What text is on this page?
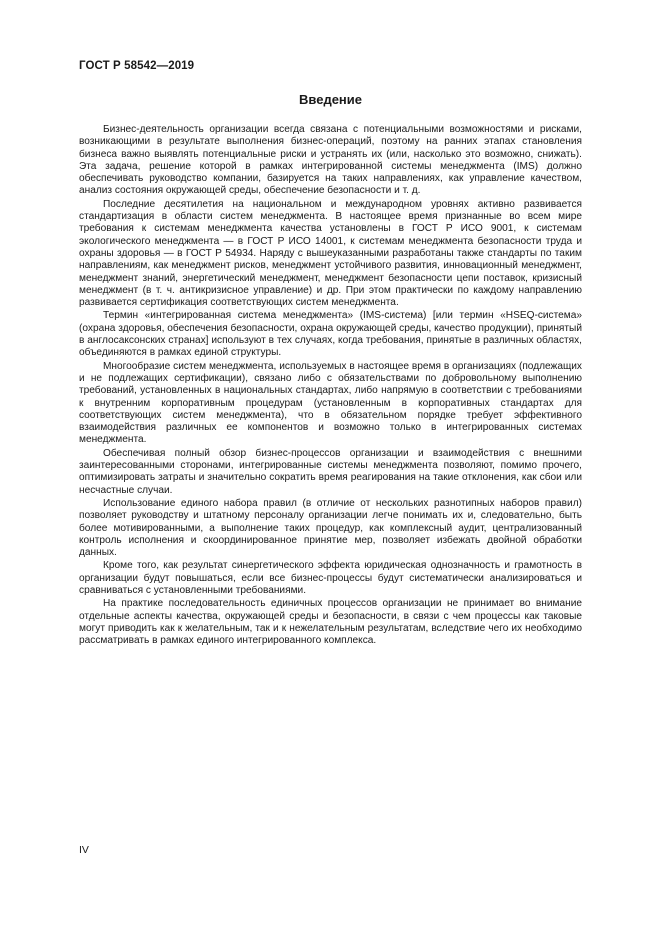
ГОСТ Р 58542—2019
Введение

Бизнес-деятельность организации всегда связана с потенциальными возможностями и рисками, возникающими в результате выполнения бизнес-операций, поэтому на ранних этапах становления бизнеса важно выявлять потенциальные риски и устранять их (или, насколько это возможно, снижать). Эта задача, решение которой в рамках интегрированной системы менеджмента (IMS) должно обеспечивать руководство компании, базируется на таких направлениях, как управление качеством, анализ состояния окружающей среды, обеспечение безопасности и т. д.

Последние десятилетия на национальном и международном уровнях активно развивается стандартизация в области систем менеджмента. В настоящее время признанные во всем мире требования к системам менеджмента качества установлены в ГОСТ Р ИСО 9001, к системам экологического менеджмента — в ГОСТ Р ИСО 14001, к системам менеджмента безопасности труда и охраны здоровья — в ГОСТ Р 54934. Наряду с вышеуказанными разработаны также стандарты по таким направлениям, как менеджмент рисков, менеджмент устойчивого развития, инновационный менеджмент, менеджмент знаний, энергетический менеджмент, менеджмент безопасности цепи поставок, кризисный менеджмент (в т. ч. антикризисное управление) и др. При этом практически по каждому направлению развивается сертификация соответствующих систем менеджмента.

Термин «интегрированная система менеджмента» (IMS-система) [или термин «HSEQ-система» (охрана здоровья, обеспечения безопасности, охрана окружающей среды, качество продукции), принятый в англосаксонских странах] используют в тех случаях, когда требования, принятые в различных областях, объединяются в рамках единой структуры.

Многообразие систем менеджмента, используемых в настоящее время в организациях (подлежащих и не подлежащих сертификации), связано либо с обязательствами по добровольному выполнению требований, установленных в национальных стандартах, либо напрямую в соответствии с требованиями к внутренним корпоративным процедурам (установленным в корпоративных стандартах для соответствующих систем менеджмента), что в обязательном порядке требует эффективного взаимодействия различных ее компонентов и возможно только в интегрированных системах менеджмента.

Обеспечивая полный обзор бизнес-процессов организации и взаимодействия с внешними заинтересованными сторонами, интегрированные системы менеджмента позволяют, помимо прочего, оптимизировать затраты и значительно сократить время реагирования на такие отклонения, как сбои или несчастные случаи.

Использование единого набора правил (в отличие от нескольких разнотипных наборов правил) позволяет руководству и штатному персоналу организации легче понимать их и, следовательно, быть более мотивированными, а выполнение таких процедур, как комплексный аудит, централизованный контроль исполнения и скоординированное принятие мер, позволяет избежать двойной обработки данных.

Кроме того, как результат синергетического эффекта юридическая однозначность и грамотность в организации будут повышаться, если все бизнес-процессы будут систематически анализироваться и сравниваться с установленными требованиями.

На практике последовательность единичных процессов организации не принимает во внимание отдельные аспекты качества, окружающей среды и безопасности, в связи с чем процессы как таковые могут приводить как к желательным, так и к нежелательным результатам, вследствие чего их необходимо рассматривать в рамках единого интегрированного комплекса.

IV
